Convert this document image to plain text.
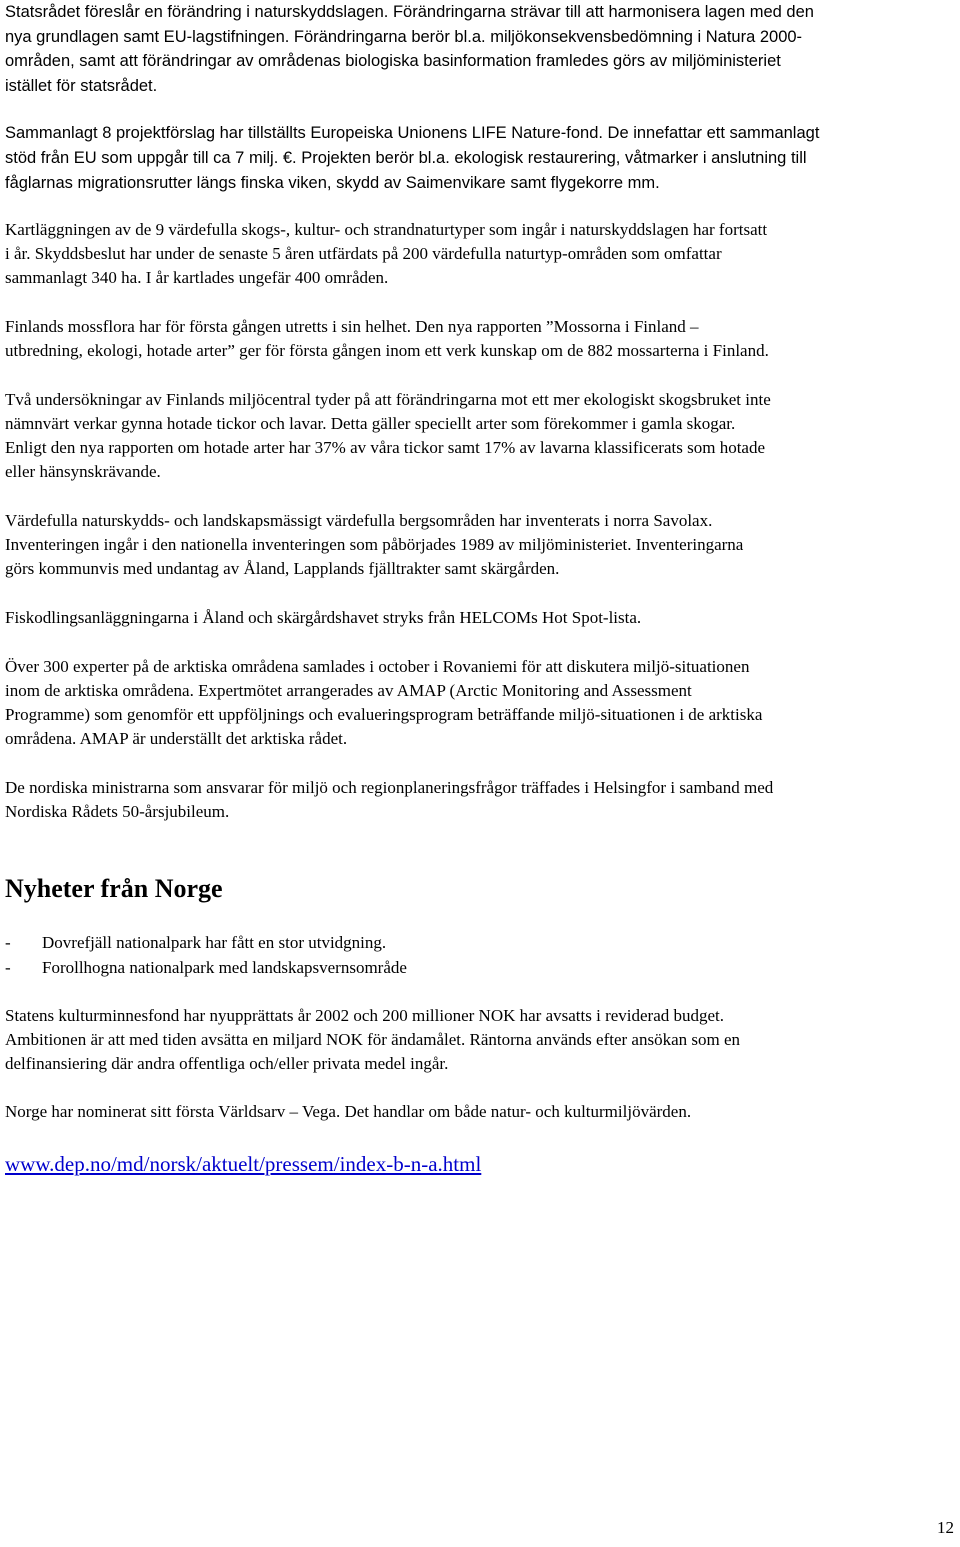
Statsrådet föreslår en förändring i naturskyddslagen. Förändringarna strävar till att harmonisera lagen med den
nya grundlagen samt EU-lagstifningen. Förändringarna berör bl.a. miljökonsekvensbedömning i Natura 2000-
områden, samt att förändringar av områdenas biologiska basinformation framledes görs av miljöministeriet
istället för statsrådet.

Sammanlagt 8 projektförslag har tillställts Europeiska Unionens LIFE Nature-fond. De innefattar ett sammanlagt
stöd från EU som uppgår till ca 7 milj. €. Projekten berör bl.a. ekologisk restaurering, våtmarker i anslutning till
fåglarnas migrationsrutter längs finska viken, skydd av Saimenvikare samt flygekorre mm.

Kartläggningen av de 9 värdefulla skogs-, kultur- och strandnaturtyper som ingår i naturskyddslagen har fortsatt
i år. Skyddsbeslut har under de senaste 5 åren utfärdats på 200 värdefulla naturtyp-områden som omfattar
sammanlagt 340 ha. I år kartlades ungefär 400 områden.

Finlands mossflora har för första gången utretts i sin helhet. Den nya rapporten ”Mossorna i Finland –
utbredning, ekologi, hotade arter” ger för första gången inom ett verk kunskap om de 882 mossarterna i Finland.

Två undersökningar av Finlands miljöcentral tyder på att förändringarna mot ett mer ekologiskt skogsbruket inte
nämnvärt verkar gynna hotade tickor och lavar. Detta gäller speciellt arter som förekommer i gamla skogar.
Enligt den nya rapporten om hotade arter har 37% av våra tickor samt 17% av lavarna klassificerats som hotade
eller hänsynskrävande.

Värdefulla naturskydds- och landskapsmässigt värdefulla bergsområden har inventerats i norra Savolax.
Inventeringen ingår i den nationella inventeringen som påbörjades 1989 av miljöministeriet. Inventeringarna
görs kommunvis med undantag av Åland, Lapplands fjälltrakter samt skärgården.

Fiskodlingsanläggningarna i Åland och skärgårdshavet stryks från HELCOMs Hot Spot-lista.

Över 300 experter på de arktiska områdena samlades i october i Rovaniemi för att diskutera miljö-situationen
inom de arktiska områdena. Expertmötet arrangerades av AMAP (Arctic Monitoring and Assessment
Programme) som genomför ett uppföljnings och evalueringsprogram beträffande miljö-situationen i de arktiska
områdena. AMAP är underställt det arktiska rådet.

De nordiska ministrarna som ansvarar för miljö och regionplaneringsfrågor träffades i Helsingfor i samband med
Nordiska Rådets 50-årsjubileum.

Nyheter från Norge
- Dovrefjäll nationalpark har fått en stor utvidgning.
- Forollhogna nationalpark med landskapsvernsområde

Statens kulturminnesfond har nyupprättats år 2002 och 200 millioner NOK har avsatts i reviderad budget.
Ambitionen är att med tiden avsätta en miljard NOK för ändamålet. Räntorna används efter ansökan som en
delfinansiering där andra offentliga och/eller privata medel ingår.

Norge har nominerat sitt första Världsarv – Vega. Det handlar om både natur- och kulturmiljövärden.

www.dep.no/md/norsk/aktuelt/pressem/index-b-n-a.html
12
